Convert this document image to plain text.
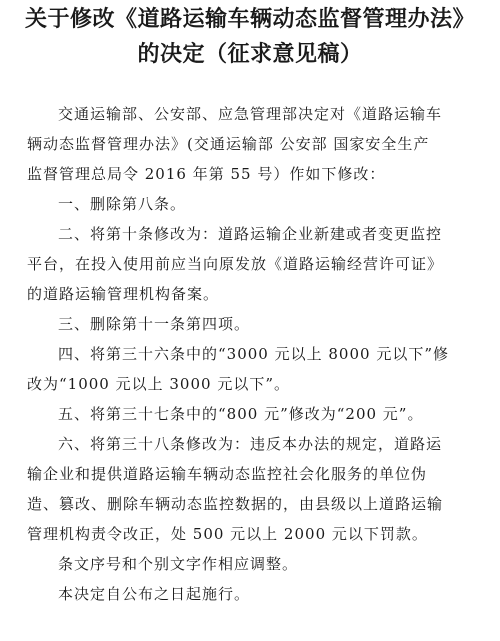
关于修改《道路运输车辆动态监督管理办法》
的决定（征求意见稿）

交通运输部、公安部、应急管理部决定对《道路运输车
辆动态监督管理办法》(交通运输部 公安部 国家安全生产
监督管理总局令 2016 年第 55 号）作如下修改：

一、删除第八条。

二、将第十条修改为：道路运输企业新建或者变更监控
平台，在投入使用前应当向原发放《道路运输经营许可证》
的道路运输管理机构备案。

三、删除第十一条第四项。

四、将第三十六条中的“3000 元以上 8000 元以下”修
改为“1000 元以上 3000 元以下”。

五、将第三十七条中的“800 元”修改为“200 元”。

六、将第三十八条修改为：违反本办法的规定，道路运
输企业和提供道路运输车辆动态监控社会化服务的单位伪
造、篡改、删除车辆动态监控数据的，由县级以上道路运输
管理机构责令改正，处 500 元以上 2000 元以下罚款。

条文序号和个别文字作相应调整。

本决定自公布之日起施行。
